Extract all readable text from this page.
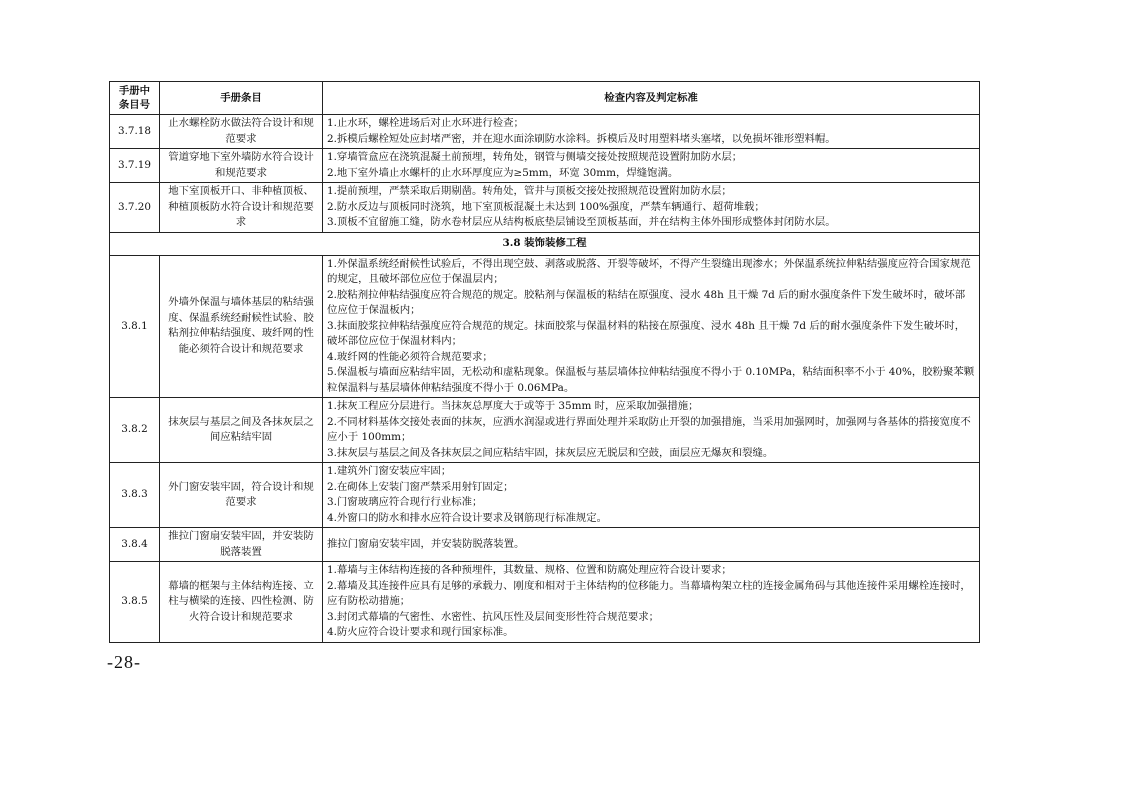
手册中
条目号	手册条目	检查内容及判定标准
3.7.18	止水螺栓防水做法符合设计和规范要求	1.止水环，螺栓进场后对止水环进行检查；
2.拆模后螺栓短处应封堵严密，并在迎水面涂刷防水涂料。拆模后及时用塑料堵头塞堵，以免损坏锥形塑料帽。

3.7.19	管道穿地下室外墙防水符合设计和规范要求	1.穿墙管盒应在浇筑混凝土前预埋，转角处，钢管与侧墙交接处按照规范设置附加防水层；
2.地下室外墙止水螺杆的止水环厚度应为≥5mm，环宽 30mm，焊缝饱满。

3.7.20	地下室顶板开口、非种植顶板、种植顶板防水符合设计和规范要求	1.提前预埋，严禁采取后期剔凿。转角处，管井与顶板交接处按照规范设置附加防水层；
2.防水反边与顶板同时浇筑，地下室顶板混凝土未达到 100%强度，严禁车辆通行、超荷堆载；
3.顶板不宜留施工缝，防水卷材层应从结构板底垫层铺设至顶板基面，并在结构主体外围形成整体封闭防水层。

3.8 装饰装修工程		
3.8.1	外墙外保温与墙体基层的粘结强度、保温系统经耐候性试验、胶粘剂拉伸粘结强度、玻纤网的性能必须符合设计和规范要求	1.外保温系统经耐候性试验后，不得出现空鼓、剥落或脱落、开裂等破坏，不得产生裂缝出现渗水；外保温系统拉伸粘结强度应符合国家规范的规定，且破坏部位应位于保温层内；
2.胶粘剂拉伸粘结强度应符合规范的规定。胶粘剂与保温板的粘结在原强度、浸水 48h 且干燥 7d 后的耐水强度条件下发生破坏时，破坏部位应位于保温板内；
3.抹面胶浆拉伸粘结强度应符合规范的规定。抹面胶浆与保温材料的粘接在原强度、浸水 48h 且干燥 7d 后的耐水强度条件下发生破坏时，破坏部位应位于保温材料内；
4.玻纤网的性能必须符合规范要求；
5.保温板与墙面应粘结牢固，无松动和虚粘现象。保温板与基层墙体拉伸粘结强度不得小于 0.10MPa，粘结面积率不小于 40%，胶粉聚苯颗粒保温料与基层墙体伸粘结强度不得小于 0.06MPa。

3.8.2	抹灰层与基层之间及各抹灰层之间应粘结牢固	1.抹灰工程应分层进行。当抹灰总厚度大于或等于 35mm 时，应采取加强措施；
2.不同材料基体交接处表面的抹灰，应洒水润湿或进行界面处理并采取防止开裂的加强措施，当采用加强网时，加强网与各基体的搭接宽度不应小于 100mm；
3.抹灰层与基层之间及各抹灰层之间应粘结牢固，抹灰层应无脱层和空鼓，面层应无爆灰和裂缝。

3.8.3	外门窗安装牢固，符合设计和规范要求	1.建筑外门窗安装应牢固；
2.在砌体上安装门窗严禁采用射钉固定；
3.门窗玻璃应符合现行行业标准；
4.外窗口的防水和排水应符合设计要求及钢筋现行标准规定。

3.8.4	推拉门窗扇安装牢固，并安装防脱落装置	推拉门窗扇安装牢固，并安装防脱落装置。

3.8.5	幕墙的框架与主体结构连接、立柱与横梁的连接、四性检测、防火符合设计和规范要求	1.幕墙与主体结构连接的各种预埋件，其数量、规格、位置和防腐处理应符合设计要求；
2.幕墙及其连接件应具有足够的承载力、刚度和相对于主体结构的位移能力。当幕墙构架立柱的连接金属角码与其他连接件采用螺栓连接时，应有防松动措施；
3.封闭式幕墙的气密性、水密性、抗风压性及层间变形性符合规范要求；
4.防火应符合设计要求和现行国家标准。
-28-
